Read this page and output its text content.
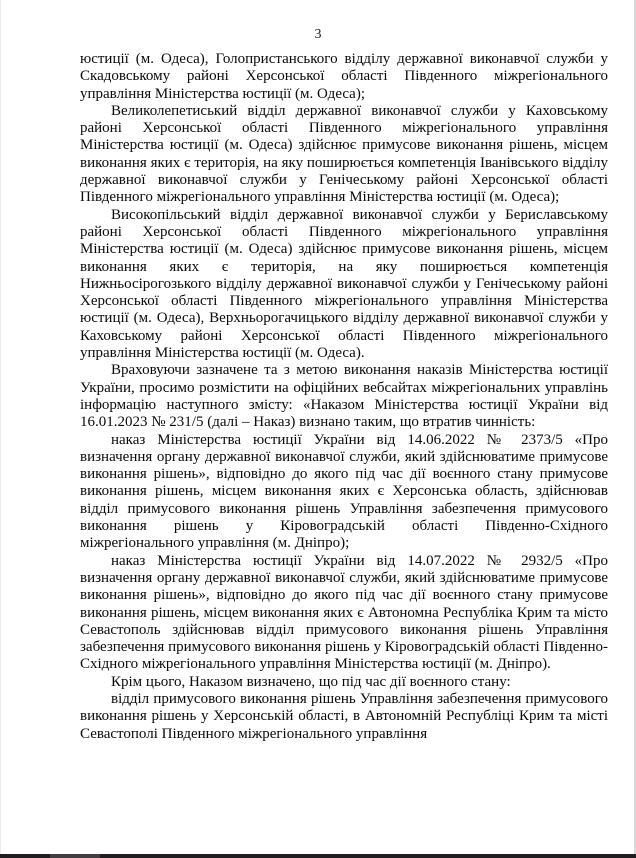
3

юстиції (м. Одеса), Голопристанського відділу державної виконавчої служби у Скадовському районі Херсонської області Південного міжрегіонального управління Міністерства юстиції (м. Одеса);

Великолепетиський відділ державної виконавчої служби у Каховському районі Херсонської області Південного міжрегіонального управління Міністерства юстиції (м. Одеса) здійснює примусове виконання рішень, місцем виконання яких є територія, на яку поширюється компетенція Іванівського відділу державної виконавчої служби у Генічеському районі Херсонської області Південного міжрегіонального управління Міністерства юстиції (м. Одеса);

Високопільський відділ державної виконавчої служби у Бериславському районі Херсонської області Південного міжрегіонального управління Міністерства юстиції (м. Одеса) здійснює примусове виконання рішень, місцем виконання яких є територія, на яку поширюється компетенція Нижньосірогозького відділу державної виконавчої служби у Генічеському районі Херсонської області Південного міжрегіонального управління Міністерства юстиції (м. Одеса), Верхньорогачицького відділу державної виконавчої служби у Каховському районі Херсонської області Південного міжрегіонального управління Міністерства юстиції (м. Одеса).

Враховуючи зазначене та з метою виконання наказів Міністерства юстиції України, просимо розмістити на офіційних вебсайтах міжрегіональних управлінь інформацію наступного змісту: «Наказом Міністерства юстиції України від 16.01.2023 № 231/5 (далі – Наказ) визнано таким, що втратив чинність:

наказ Міністерства юстиції України від 14.06.2022 № 2373/5 «Про визначення органу державної виконавчої служби, який здійснюватиме примусове виконання рішень», відповідно до якого під час дії воєнного стану примусове виконання рішень, місцем виконання яких є Херсонська область, здійснював відділ примусового виконання рішень Управління забезпечення примусового виконання рішень у Кіровоградській області Південно-Східного міжрегіонального управління (м. Дніпро);

наказ Міністерства юстиції України від 14.07.2022 № 2932/5 «Про визначення органу державної виконавчої служби, який здійснюватиме примусове виконання рішень», відповідно до якого під час дії воєнного стану примусове виконання рішень, місцем виконання яких є Автономна Республіка Крим та місто Севастополь здійснював відділ примусового виконання рішень Управління забезпечення примусового виконання рішень у Кіровоградській області Південно-Східного міжрегіонального управління Міністерства юстиції (м. Дніпро).

Крім цього, Наказом визначено, що під час дії воєнного стану:

відділ примусового виконання рішень Управління забезпечення примусового виконання рішень у Херсонській області, в Автономній Республіці Крим та місті Севастополі Південного міжрегіонального управління
